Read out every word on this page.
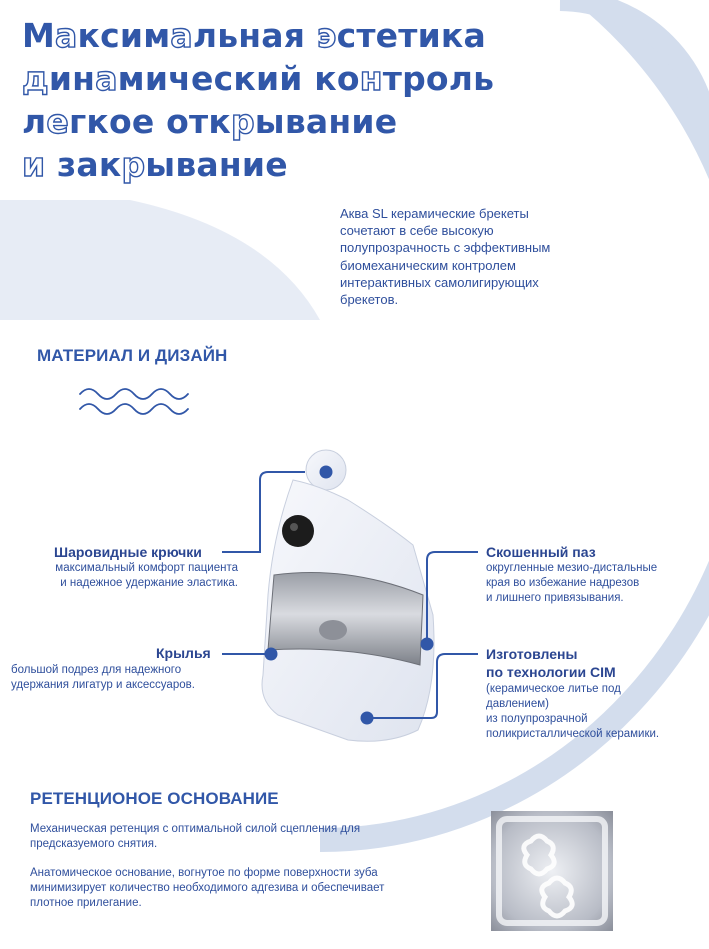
Максимальная эстетика
динамический контроль
легкое открывание
и закрывание
Аква SL керамические брекеты
сочетают в себе высокую
полупрозрачность с эффективным
биомеханическим контролем
интерактивных самолигирующих
брекетов.
МАТЕРИАЛ И ДИЗАЙН
Шаровидные крючки
максимальный комфорт пациента
и надежное удержание эластика.
Крылья
большой подрез для надежного
удержания лигатур и аксессуаров.
Скошенный паз
округленные мезио-дистальные
края во избежание надрезов
и лишнего привязывания.
Изготовлены
по технологии CIM
(керамическое литье под
давлением)
из полупрозрачной
поликристаллической керамики.
РЕТЕНЦИОНОЕ ОСНОВАНИЕ
Механическая ретенция с оптимальной силой сцепления для
предсказуемого снятия.
Анатомическое основание, вогнутое по форме поверхности зуба
минимизирует количество необходимого адгезива и обеспечивает
плотное прилегание.
